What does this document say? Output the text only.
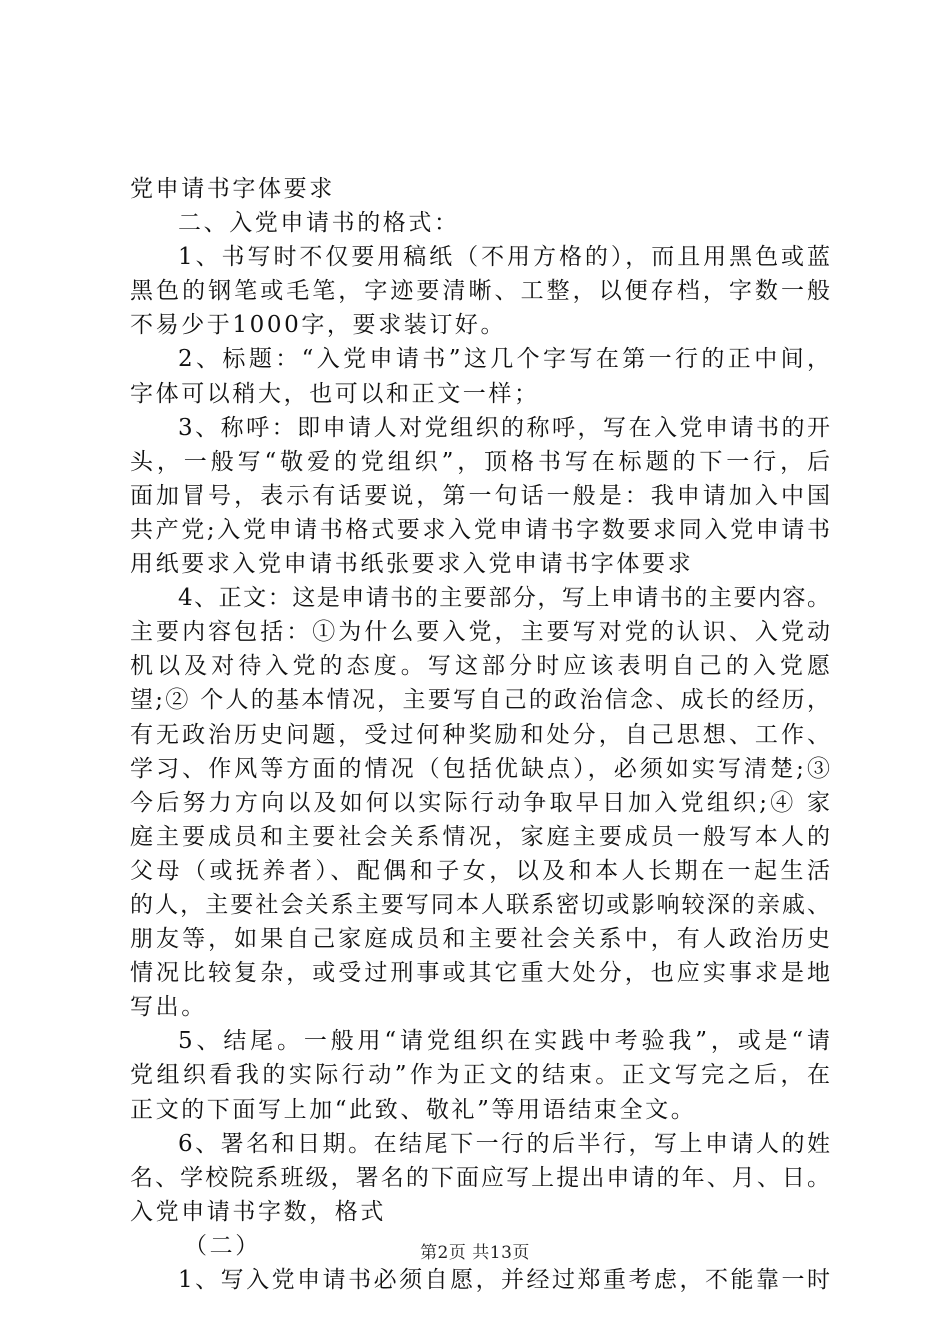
党申请书字体要求
二、入党申请书的格式：
1、书写时不仅要用稿纸（不用方格的），而且用黑色或蓝
黑色的钢笔或毛笔，字迹要清晰、工整，以便存档，字数一般
不易少于1000字，要求装订好。
2、标题：“入党申请书”这几个字写在第一行的正中间，
字体可以稍大，也可以和正文一样；
3、称呼：即申请人对党组织的称呼，写在入党申请书的开
头，一般写“敬爱的党组织”，顶格书写在标题的下一行，后
面加冒号，表示有话要说，第一句话一般是：我申请加入中国
共产党;入党申请书格式要求入党申请书字数要求同入党申请书
用纸要求入党申请书纸张要求入党申请书字体要求
4、正文：这是申请书的主要部分，写上申请书的主要内容。
主要内容包括：①为什么要入党，主要写对党的认识、入党动
机以及对待入党的态度。写这部分时应该表明自己的入党愿
望;② 个人的基本情况，主要写自己的政治信念、成长的经历，
有无政治历史问题，受过何种奖励和处分，自己思想、工作、
学习、作风等方面的情况（包括优缺点），必须如实写清楚;③
今后努力方向以及如何以实际行动争取早日加入党组织;④ 家
庭主要成员和主要社会关系情况，家庭主要成员一般写本人的
父母（或抚养者）、配偶和子女，以及和本人长期在一起生活
的人，主要社会关系主要写同本人联系密切或影响较深的亲戚、
朋友等，如果自己家庭成员和主要社会关系中，有人政治历史
情况比较复杂，或受过刑事或其它重大处分，也应实事求是地
写出。
5、结尾。一般用“请党组织在实践中考验我”，或是“请
党组织看我的实际行动”作为正文的结束。正文写完之后，在
正文的下面写上加“此致、敬礼”等用语结束全文。
6、署名和日期。在结尾下一行的后半行，写上申请人的姓
名、学校院系班级，署名的下面应写上提出申请的年、月、日。
入党申请书字数，格式
（二）
1、写入党申请书必须自愿，并经过郑重考虑，不能靠一时
第2页 共13页
